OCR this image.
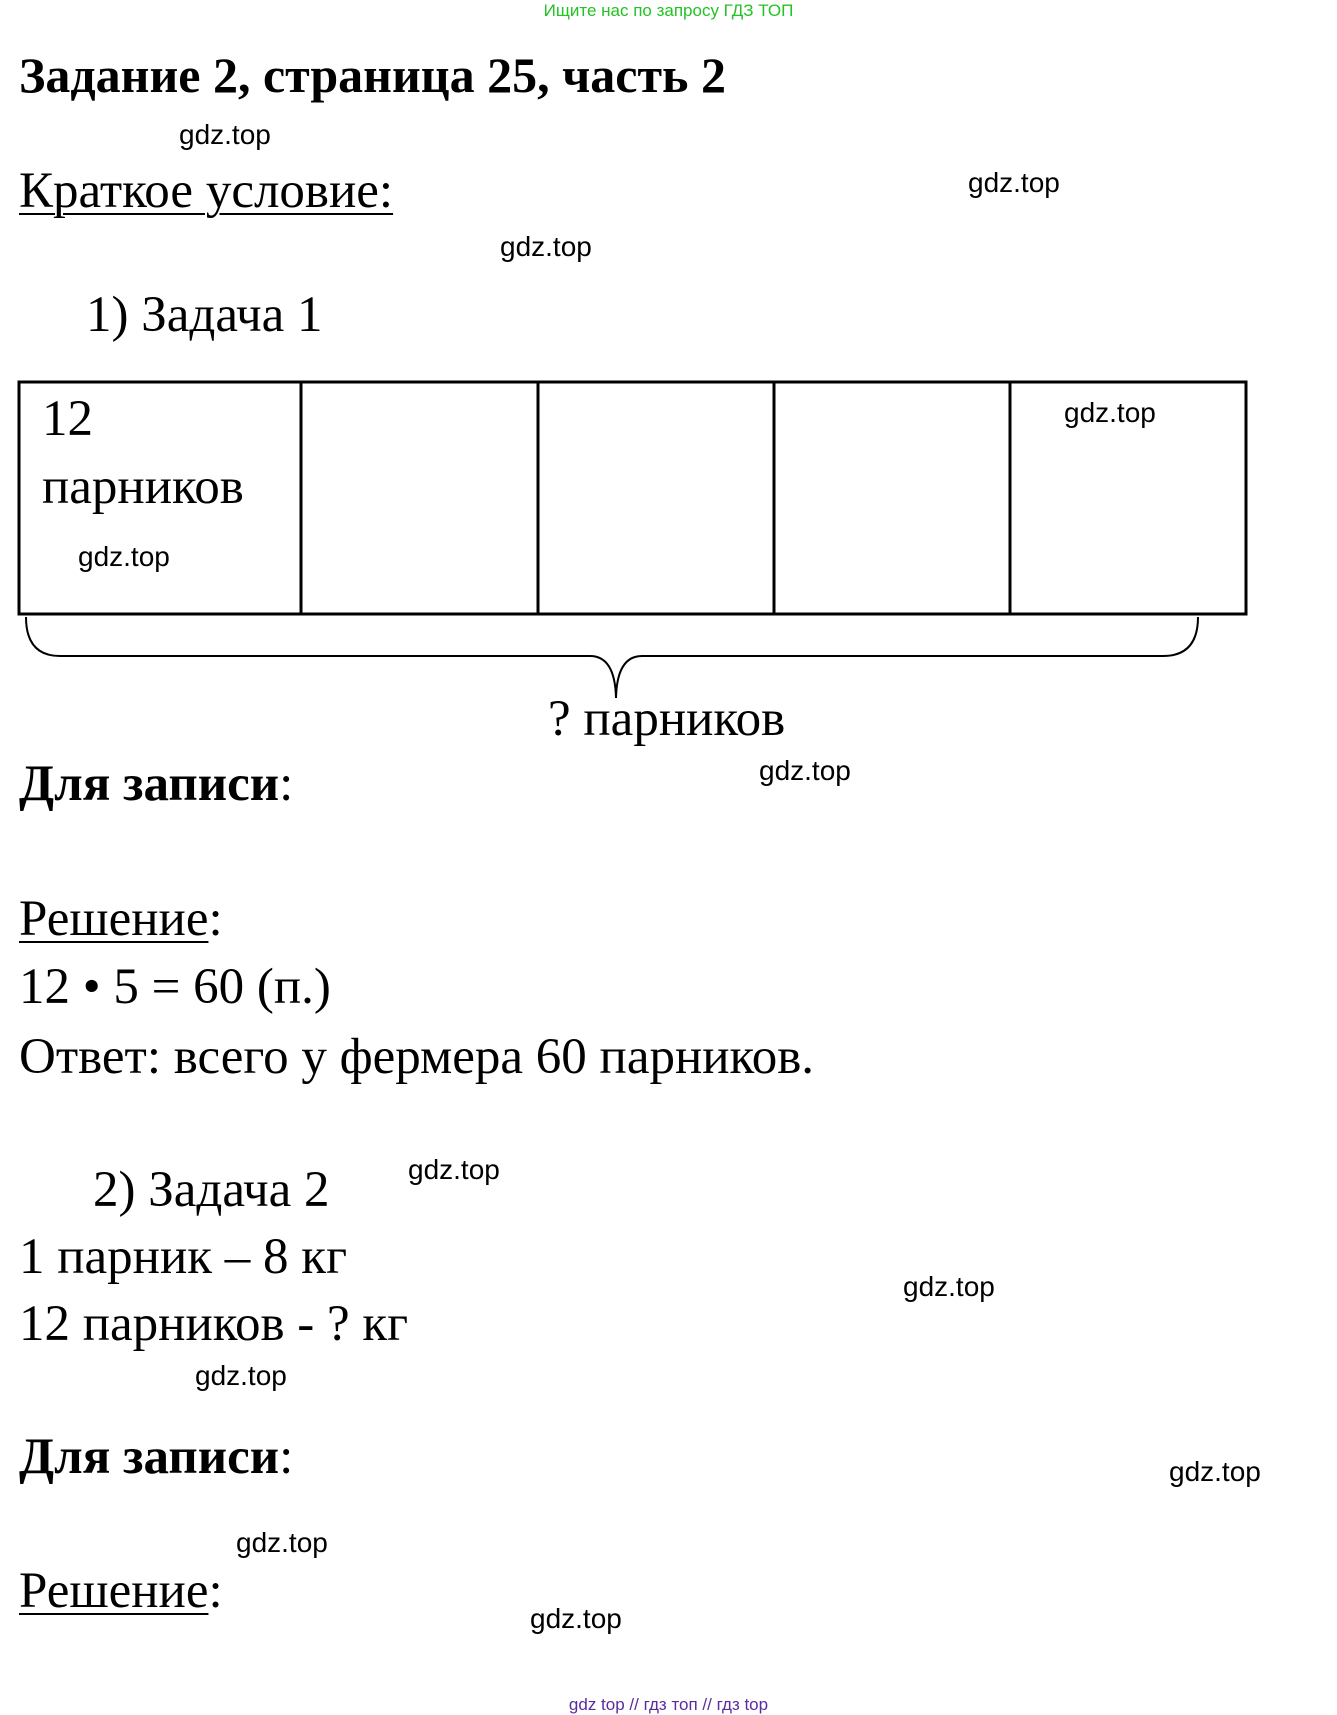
Ищите нас по запросу ГДЗ ТОП
Задание 2, страница 25, часть 2
Краткое условие:
1) Задача 1
12
парников
? парников
Для записи:
Решение:
12 • 5 = 60 (п.)
Ответ: всего у фермера 60 парников.
2) Задача 2
1 парник – 8 кг
12 парников - ? кг
Для записи:
Решение:
gdz.top
gdz.top
gdz.top
gdz.top
gdz.top
gdz.top
gdz.top
gdz.top
gdz.top
gdz.top
gdz.top
gdz.top
gdz top // гдз топ // гдз top
